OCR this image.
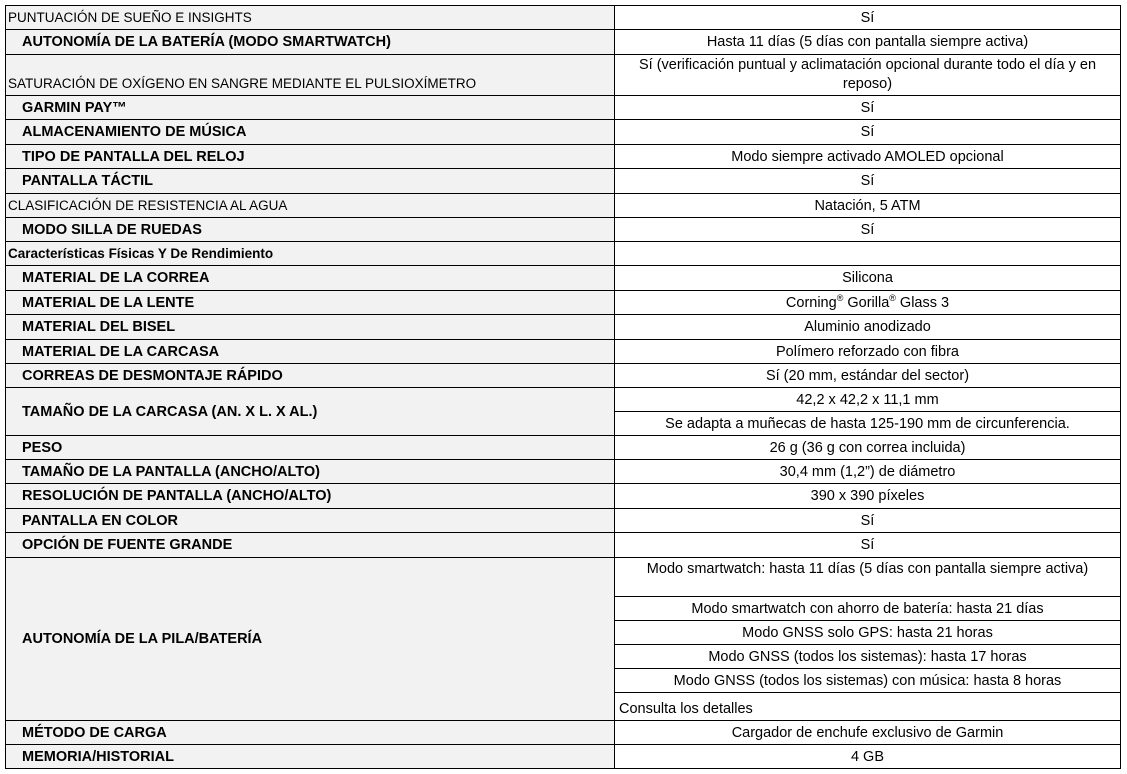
PUNTUACIÓN DE SUEÑO E INSIGHTS	Sí
AUTONOMÍA DE LA BATERÍA (MODO SMARTWATCH)	Hasta 11 días (5 días con pantalla siempre activa)
SATURACIÓN DE OXÍGENO EN SANGRE MEDIANTE EL PULSIOXÍMETRO	Sí (verificación puntual y aclimatación opcional durante todo el día y en reposo)
GARMIN PAY™	Sí
ALMACENAMIENTO DE MÚSICA	Sí
TIPO DE PANTALLA DEL RELOJ	Modo siempre activado AMOLED opcional
PANTALLA TÁCTIL	Sí
CLASIFICACIÓN DE RESISTENCIA AL AGUA	Natación, 5 ATM
MODO SILLA DE RUEDAS	Sí
Características Físicas Y De Rendimiento	
MATERIAL DE LA CORREA	Silicona
MATERIAL DE LA LENTE	Corning® Gorilla® Glass 3
MATERIAL DEL BISEL	Aluminio anodizado
MATERIAL DE LA CARCASA	Polímero reforzado con fibra
CORREAS DE DESMONTAJE RÁPIDO	Sí (20 mm, estándar del sector)
TAMAÑO DE LA CARCASA (AN. X L. X AL.)	42,2 x 42,2 x 11,1 mm
	Se adapta a muñecas de hasta 125-190 mm de circunferencia.
PESO	26 g (36 g con correa incluida)
TAMAÑO DE LA PANTALLA (ANCHO/ALTO)	30,4 mm (1,2”) de diámetro
RESOLUCIÓN DE PANTALLA (ANCHO/ALTO)	390 x 390 píxeles
PANTALLA EN COLOR	Sí
OPCIÓN DE FUENTE GRANDE	Sí
AUTONOMÍA DE LA PILA/BATERÍA	Modo smartwatch: hasta 11 días (5 días con pantalla siempre activa)
	Modo smartwatch con ahorro de batería: hasta 21 días
	Modo GNSS solo GPS: hasta 21 horas
	Modo GNSS (todos los sistemas): hasta 17 horas
	Modo GNSS (todos los sistemas) con música: hasta 8 horas
	Consulta los detalles
MÉTODO DE CARGA	Cargador de enchufe exclusivo de Garmin
MEMORIA/HISTORIAL	4 GB
